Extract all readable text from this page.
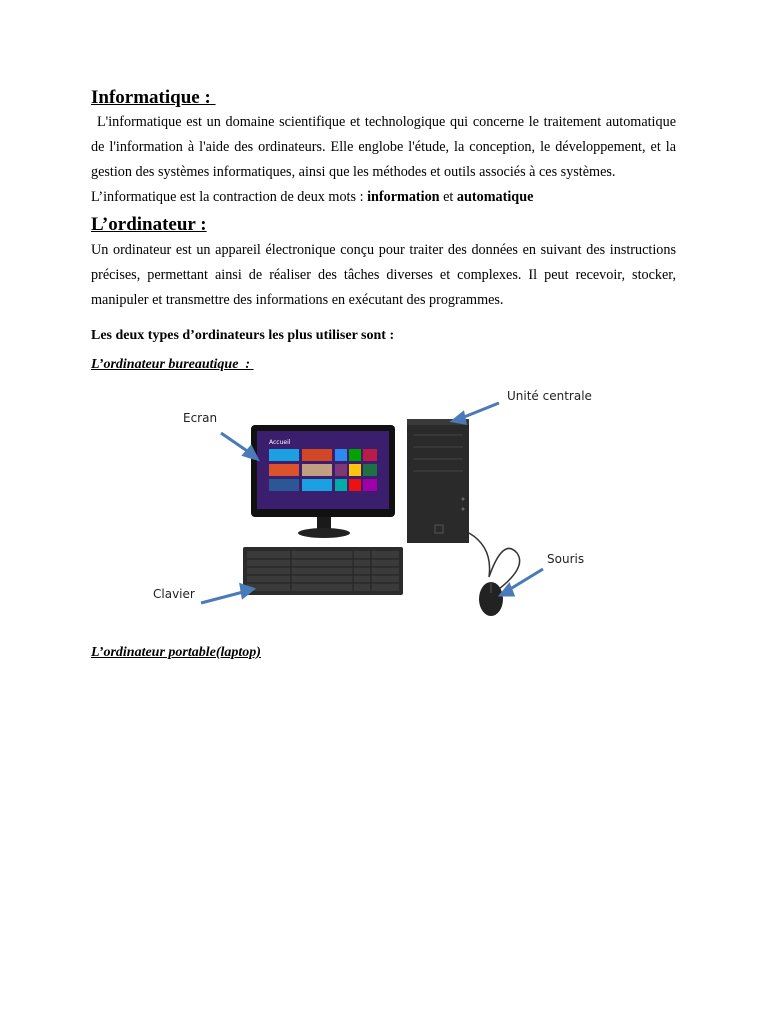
Informatique :

L'informatique est un domaine scientifique et technologique qui concerne le traitement automatique de l'information à l'aide des ordinateurs. Elle englobe l'étude, la conception, le développement, et la gestion des systèmes informatiques, ainsi que les méthodes et outils associés à ces systèmes.

L’informatique est la contraction de deux mots : information et automatique

L’ordinateur :

Un ordinateur est un appareil électronique conçu pour traiter des données en suivant des instructions précises, permettant ainsi de réaliser des tâches diverses et complexes. Il peut recevoir, stocker, manipuler et transmettre des informations en exécutant des programmes.

Les deux types d’ordinateurs les plus utiliser sont :

L’ordinateur bureautique  :
Accueil
Ecran
Unité centrale
Souris
Clavier
L’ordinateur portable(laptop)
